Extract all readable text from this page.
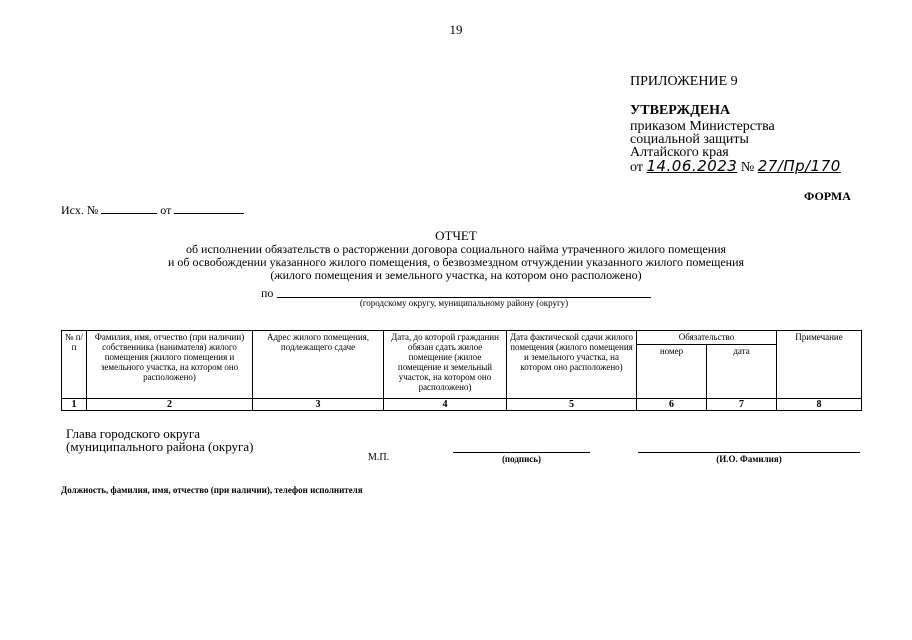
19
ПРИЛОЖЕНИЕ 9
УТВЕРЖДЕНА
приказом Министерства
социальной защиты
Алтайского края
от 14.06.2023 № 27/Пр/170
ФОРМА
Исх. №	от
ОТЧЕТ
об исполнении обязательств о расторжении договора социального найма утраченного жилого помещения
и об освобождении указанного жилого помещения, о безвозмездном отчуждении указанного жилого помещения
(жилого помещения и земельного участка, на котором оно расположено)
по
(городскому округу, муниципальному району (округу)
№ п/п	Фамилия, имя, отчество (при наличии) собственника (нанимателя) жилого помещения (жилого помещения и земельного участка, на котором оно расположено)	Адрес жилого помещения, подлежащего сдаче	Дата, до которой гражданин обязан сдать жилое помещение (жилое помещение и земельный участок, на котором оно расположено)	Дата фактической сдачи жилого помещения (жилого помещения и земельного участка, на котором оно расположено)	Обязательство		Примечание
					номер	дата	
1	2	3	4	5	6	7	8
Глава городского округа
(муниципального района (округа)
М.П.	(подпись)	(И.О. Фамилия)
Должность, фамилия, имя, отчество (при наличии), телефон исполнителя
